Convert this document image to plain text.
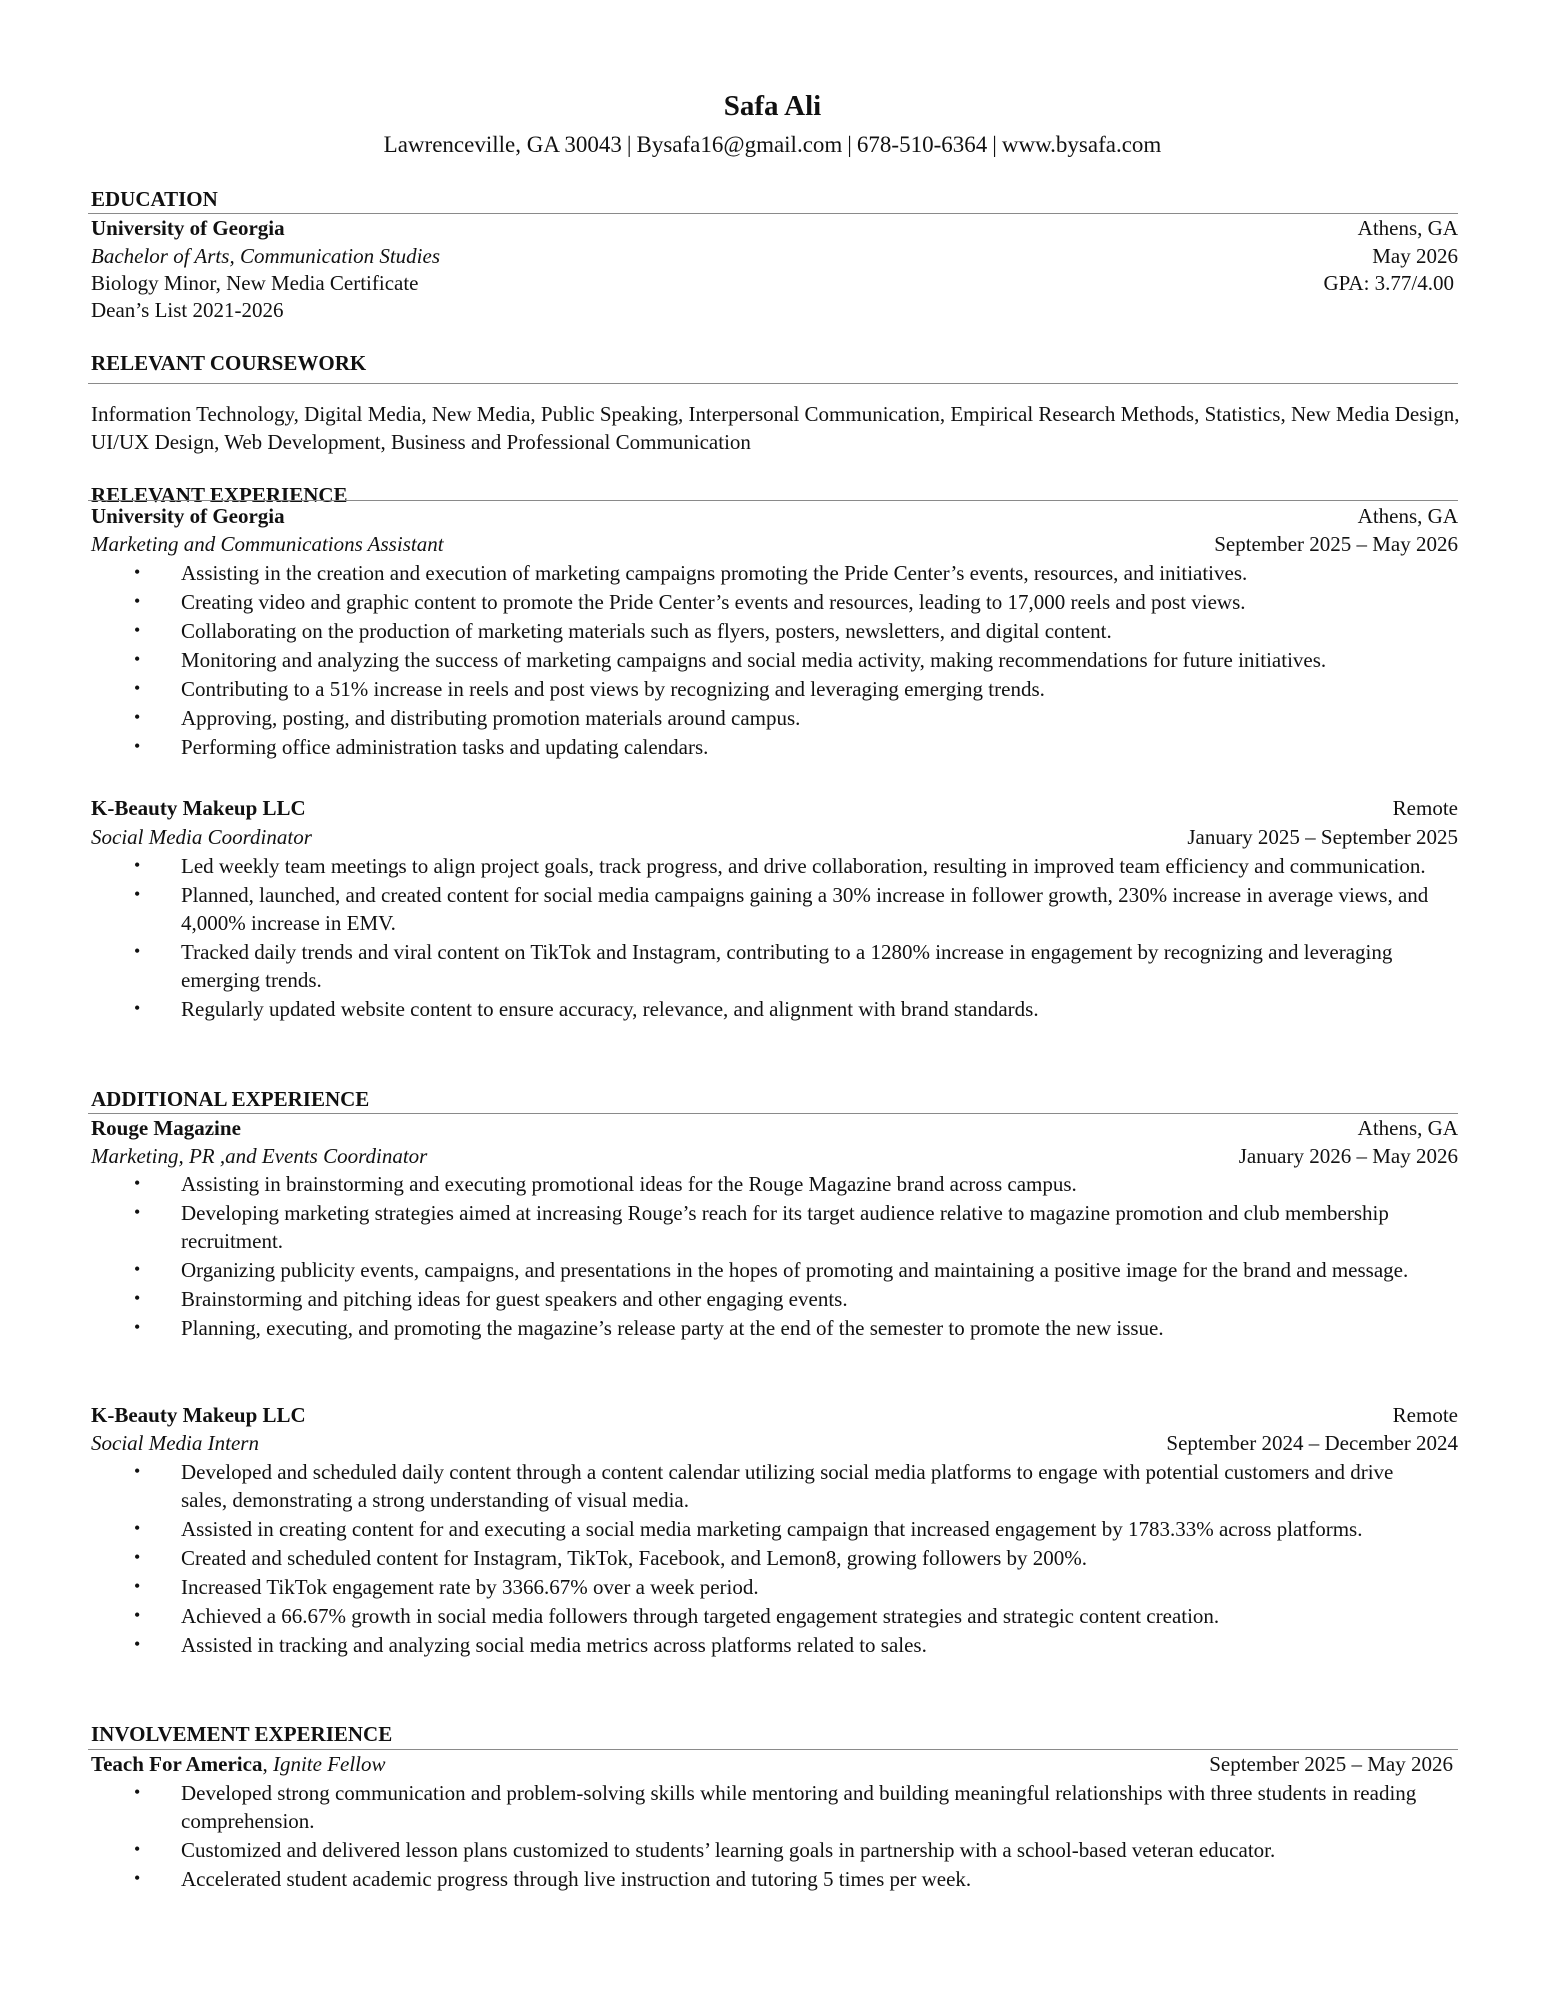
Safa Ali
Lawrenceville, GA 30043 | Bysafa16@gmail.com | 678-510-6364 | www.bysafa.com
EDUCATION
University of Georgia	Athens, GA
Bachelor of Arts, Communication Studies	May 2026
Biology Minor, New Media Certificate	GPA: 3.77/4.00
Dean’s List 2021-2026
RELEVANT COURSEWORK
Information Technology, Digital Media, New Media, Public Speaking, Interpersonal Communication, Empirical Research Methods, Statistics, New Media Design, UI/UX Design, Web Development, Business and Professional Communication
RELEVANT EXPERIENCE
University of Georgia	Athens, GA
Marketing and Communications Assistant	September 2025 – May 2026
• Assisting in the creation and execution of marketing campaigns promoting the Pride Center’s events, resources, and initiatives.
• Creating video and graphic content to promote the Pride Center’s events and resources, leading to 17,000 reels and post views.
• Collaborating on the production of marketing materials such as flyers, posters, newsletters, and digital content.
• Monitoring and analyzing the success of marketing campaigns and social media activity, making recommendations for future initiatives.
• Contributing to a 51% increase in reels and post views by recognizing and leveraging emerging trends.
• Approving, posting, and distributing promotion materials around campus.
• Performing office administration tasks and updating calendars.
K-Beauty Makeup LLC	Remote
Social Media Coordinator	January 2025 – September 2025
• Led weekly team meetings to align project goals, track progress, and drive collaboration, resulting in improved team efficiency and communication.
• Planned, launched, and created content for social media campaigns gaining a 30% increase in follower growth, 230% increase in average views, and 4,000% increase in EMV.
• Tracked daily trends and viral content on TikTok and Instagram, contributing to a 1280% increase in engagement by recognizing and leveraging emerging trends.
• Regularly updated website content to ensure accuracy, relevance, and alignment with brand standards.
ADDITIONAL EXPERIENCE
Rouge Magazine	Athens, GA
Marketing, PR ,and Events Coordinator	January 2026 – May 2026
• Assisting in brainstorming and executing promotional ideas for the Rouge Magazine brand across campus.
• Developing marketing strategies aimed at increasing Rouge’s reach for its target audience relative to magazine promotion and club membership recruitment.
• Organizing publicity events, campaigns, and presentations in the hopes of promoting and maintaining a positive image for the brand and message.
• Brainstorming and pitching ideas for guest speakers and other engaging events.
• Planning, executing, and promoting the magazine’s release party at the end of the semester to promote the new issue.
K-Beauty Makeup LLC	Remote
Social Media Intern	September 2024 – December 2024
• Developed and scheduled daily content through a content calendar utilizing social media platforms to engage with potential customers and drive sales, demonstrating a strong understanding of visual media.
• Assisted in creating content for and executing a social media marketing campaign that increased engagement by 1783.33% across platforms.
• Created and scheduled content for Instagram, TikTok, Facebook, and Lemon8, growing followers by 200%.
• Increased TikTok engagement rate by 3366.67% over a week period.
• Achieved a 66.67% growth in social media followers through targeted engagement strategies and strategic content creation.
• Assisted in tracking and analyzing social media metrics across platforms related to sales.
INVOLVEMENT EXPERIENCE
Teach For America, Ignite Fellow	September 2025 – May 2026
• Developed strong communication and problem-solving skills while mentoring and building meaningful relationships with three students in reading comprehension.
• Customized and delivered lesson plans customized to students’ learning goals in partnership with a school-based veteran educator.
• Accelerated student academic progress through live instruction and tutoring 5 times per week.
